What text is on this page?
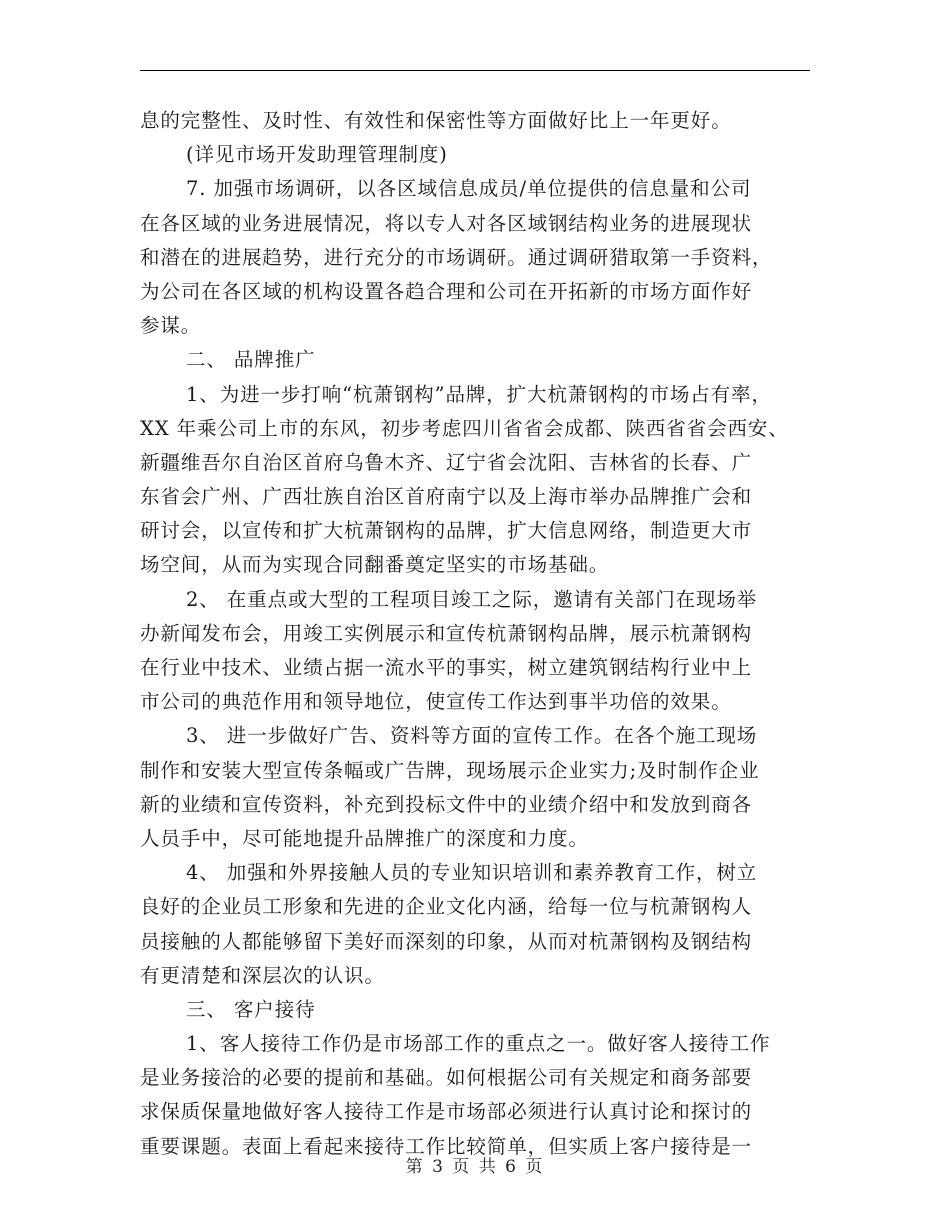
息的完整性、及时性、有效性和保密性等方面做好比上一年更好。
(详见市场开发助理管理制度)
7. 加强市场调研，以各区域信息成员/单位提供的信息量和公司
在各区域的业务进展情况，将以专人对各区域钢结构业务的进展现状
和潜在的进展趋势，进行充分的市场调研。通过调研猎取第一手资料，
为公司在各区域的机构设置各趋合理和公司在开拓新的市场方面作好
参谋。
二、 品牌推广
1、为进一步打响“杭萧钢构”品牌，扩大杭萧钢构的市场占有率，
XX 年乘公司上市的东风，初步考虑四川省省会成都、陕西省省会西安、
新疆维吾尔自治区首府乌鲁木齐、辽宁省会沈阳、吉林省的长春、广
东省会广州、广西壮族自治区首府南宁以及上海市举办品牌推广会和
研讨会，以宣传和扩大杭萧钢构的品牌，扩大信息网络，制造更大市
场空间，从而为实现合同翻番奠定坚实的市场基础。
2、 在重点或大型的工程项目竣工之际，邀请有关部门在现场举
办新闻发布会，用竣工实例展示和宣传杭萧钢构品牌，展示杭萧钢构
在行业中技术、业绩占据一流水平的事实，树立建筑钢结构行业中上
市公司的典范作用和领导地位，使宣传工作达到事半功倍的效果。
3、 进一步做好广告、资料等方面的宣传工作。在各个施工现场
制作和安装大型宣传条幅或广告牌，现场展示企业实力;及时制作企业
新的业绩和宣传资料，补充到投标文件中的业绩介绍中和发放到商各
人员手中，尽可能地提升品牌推广的深度和力度。
4、 加强和外界接触人员的专业知识培训和素养教育工作，树立
良好的企业员工形象和先进的企业文化内涵，给每一位与杭萧钢构人
员接触的人都能够留下美好而深刻的印象，从而对杭萧钢构及钢结构
有更清楚和深层次的认识。
三、 客户接待
1、客人接待工作仍是市场部工作的重点之一。做好客人接待工作
是业务接洽的必要的提前和基础。如何根据公司有关规定和商务部要
求保质保量地做好客人接待工作是市场部必须进行认真讨论和探讨的
重要课题。表面上看起来接待工作比较简单，但实质上客户接待是一
第 3 页 共 6 页
